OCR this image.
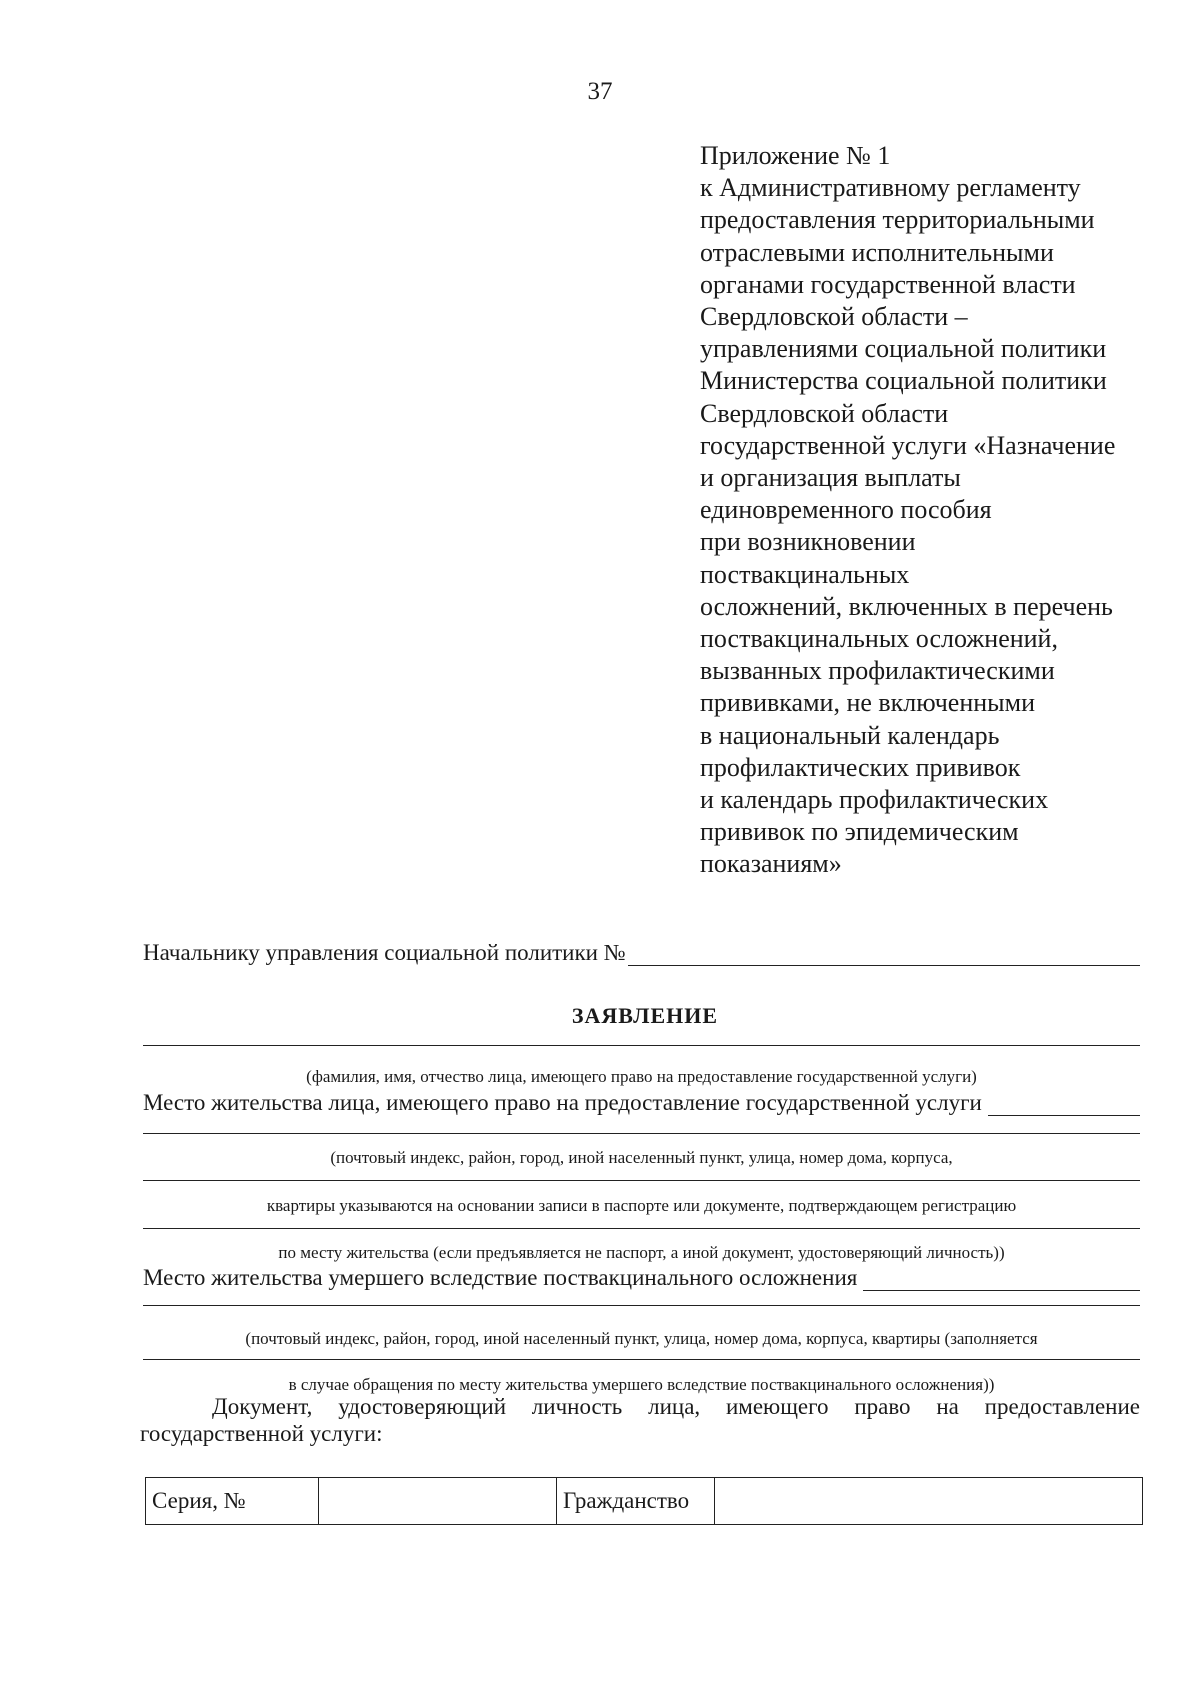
37
Приложение № 1
к Административному регламенту
предоставления территориальными
отраслевыми исполнительными
органами государственной власти
Свердловской области –
управлениями социальной политики
Министерства социальной политики
Свердловской области
государственной услуги «Назначение
и организация выплаты
единовременного пособия
при возникновении
поствакцинальных
осложнений, включенных в перечень
поствакцинальных осложнений,
вызванных профилактическими
прививками, не включенными
в национальный календарь
профилактических прививок
и календарь профилактических
прививок по эпидемическим
показаниям»
Начальнику управления социальной политики №
ЗАЯВЛЕНИЕ
(фамилия, имя, отчество лица, имеющего право на предоставление государственной услуги)
Место жительства лица, имеющего право на предоставление государственной услуги
(почтовый индекс, район, город, иной населенный пункт, улица, номер дома, корпуса,
квартиры указываются на основании записи в паспорте или документе, подтверждающем регистрацию
по месту жительства (если предъявляется не паспорт, а иной документ, удостоверяющий личность))
Место жительства умершего вследствие поствакцинального осложнения
(почтовый индекс, район, город, иной населенный пункт, улица, номер дома, корпуса, квартиры (заполняется
в случае обращения по месту жительства умершего вследствие поствакцинального осложнения))
Документ, удостоверяющий личность лица, имеющего право на предоставление государственной услуги:
Серия, №		Гражданство	
